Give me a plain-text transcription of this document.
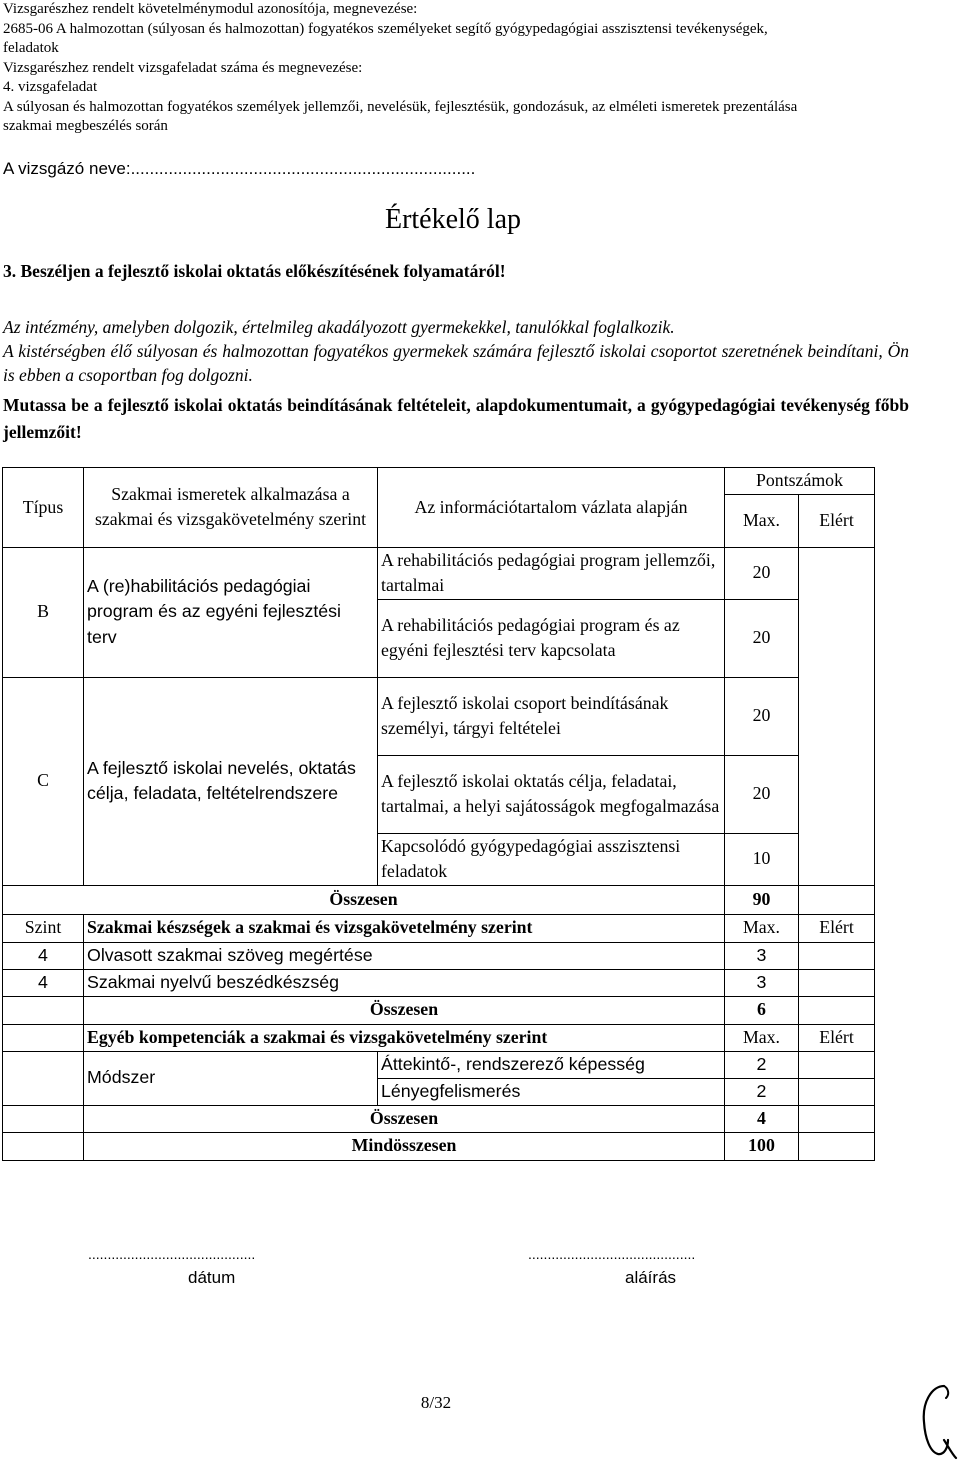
Vizsgarészhez rendelt követelménymodul azonosítója, megnevezése:
2685-06 A halmozottan (súlyosan és halmozottan) fogyatékos személyeket segítő gyógypedagógiai asszisztensi tevékenységek,
feladatok
Vizsgarészhez rendelt vizsgafeladat száma és megnevezése:
4. vizsgafeladat
A súlyosan és halmozottan fogyatékos személyek jellemzői, nevelésük, fejlesztésük, gondozásuk, az elméleti ismeretek prezentálása
szakmai megbeszélés során
A vizsgázó neve:.........................................................................
Értékelő lap
3. Beszéljen a fejlesztő iskolai oktatás előkészítésének folyamatáról!
Az intézmény, amelyben dolgozik, értelmileg akadályozott gyermekekkel, tanulókkal foglalkozik.
A kistérségben élő súlyosan és halmozottan fogyatékos gyermekek számára fejlesztő iskolai csoportot szeretnének beindítani, Ön is ebben a csoportban fog dolgozni.
Mutassa be a fejlesztő iskolai oktatás beindításának feltételeit, alapdokumentumait, a gyógypedagógiai tevékenység főbb jellemzőit!
Típus	Szakmai ismeretek alkalmazása a szakmai és vizsgakövetelmény szerint	Az információtartalom vázlata alapján	Pontszámok	
			Max.	Elért
B	A (re)habilitációs pedagógiai program és az egyéni fejlesztési terv	A rehabilitációs pedagógiai program jellemzői, tartalmai	20	
		A rehabilitációs pedagógiai program és az egyéni fejlesztési terv kapcsolata	20	
C	A fejlesztő iskolai nevelés, oktatás célja, feladata, feltételrendszere	A fejlesztő iskolai csoport beindításának személyi, tárgyi feltételei	20	
		A fejlesztő iskolai oktatás célja, feladatai, tartalmai, a helyi sajátosságok megfogalmazása	20	
		Kapcsolódó gyógypedagógiai asszisztensi feladatok	10	
Összesen			90	
Szint	Szakmai készségek a szakmai és vizsgakövetelmény szerint		Max.	Elért
4	Olvasott szakmai szöveg megértése		3	
4	Szakmai nyelvű beszédkészség		3	
	Összesen		6	
	Egyéb kompetenciák a szakmai és vizsgakövetelmény szerint		Max.	Elért
	Módszer	Áttekintő-, rendszerező képesség	2	
		Lényegfelismerés	2	
	Összesen		4	
	Mindösszesen		100	
...........................................
dátum
...........................................
aláírás
8/32
